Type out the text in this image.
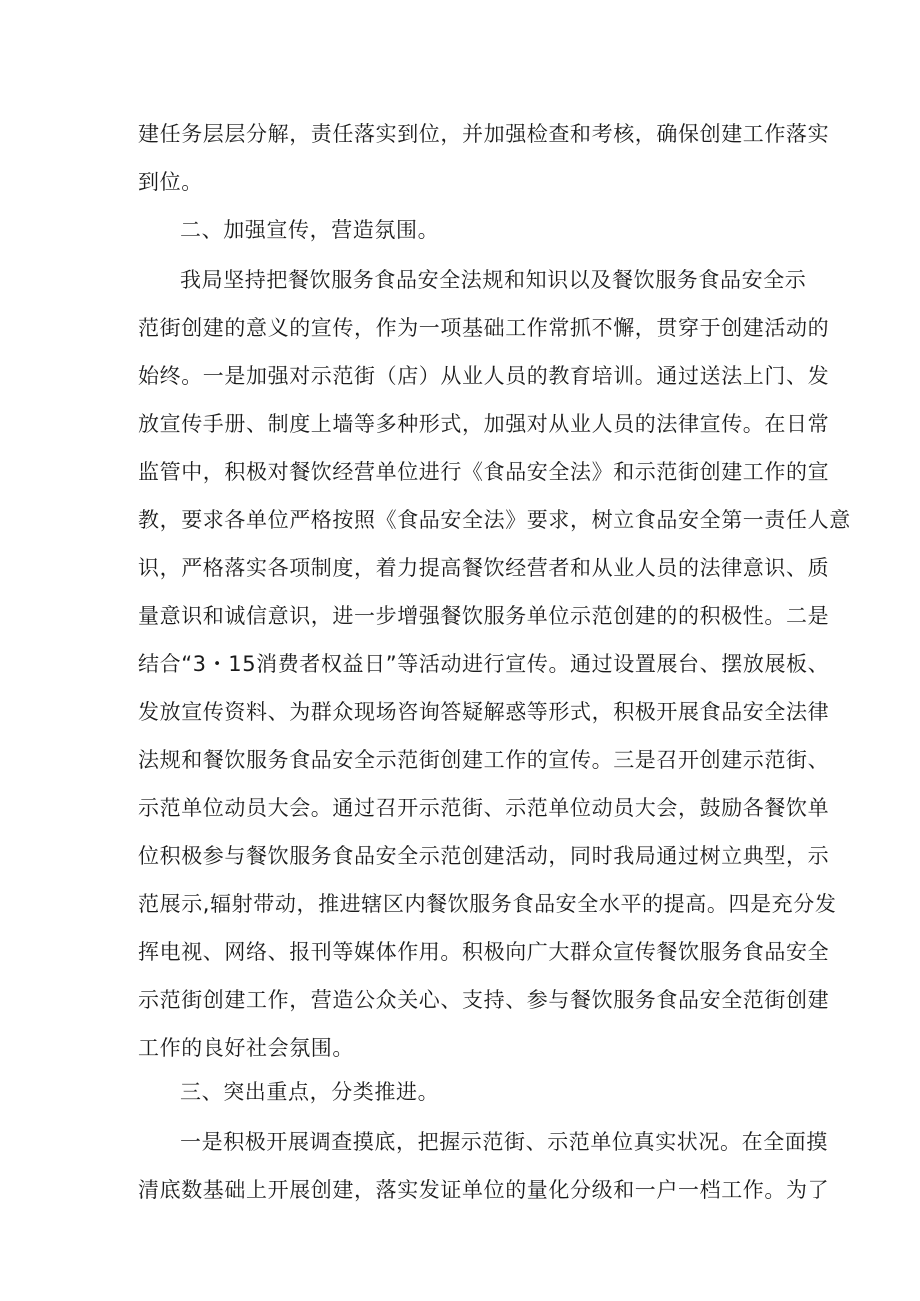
建任务层层分解，责任落实到位，并加强检查和考核，确保创建工作落实
到位。
二、加强宣传，营造氛围。
我局坚持把餐饮服务食品安全法规和知识以及餐饮服务食品安全示
范街创建的意义的宣传，作为一项基础工作常抓不懈，贯穿于创建活动的
始终。一是加强对示范街（店）从业人员的教育培训。通过送法上门、发
放宣传手册、制度上墙等多种形式，加强对从业人员的法律宣传。在日常
监管中，积极对餐饮经营单位进行《食品安全法》和示范街创建工作的宣
教，要求各单位严格按照《食品安全法》要求，树立食品安全第一责任人意
识，严格落实各项制度，着力提高餐饮经营者和从业人员的法律意识、质
量意识和诚信意识，进一步增强餐饮服务单位示范创建的的积极性。二是
结合“3・15消费者权益日”等活动进行宣传。通过设置展台、摆放展板、
发放宣传资料、为群众现场咨询答疑解惑等形式，积极开展食品安全法律
法规和餐饮服务食品安全示范街创建工作的宣传。三是召开创建示范街、
示范单位动员大会。通过召开示范街、示范单位动员大会，鼓励各餐饮单
位积极参与餐饮服务食品安全示范创建活动，同时我局通过树立典型，示
范展示,辐射带动，推进辖区内餐饮服务食品安全水平的提高。四是充分发
挥电视、网络、报刊等媒体作用。积极向广大群众宣传餐饮服务食品安全
示范街创建工作，营造公众关心、支持、参与餐饮服务食品安全范街创建
工作的良好社会氛围。
三、突出重点，分类推进。
一是积极开展调查摸底，把握示范街、示范单位真实状况。在全面摸
清底数基础上开展创建，落实发证单位的量化分级和一户一档工作。为了
